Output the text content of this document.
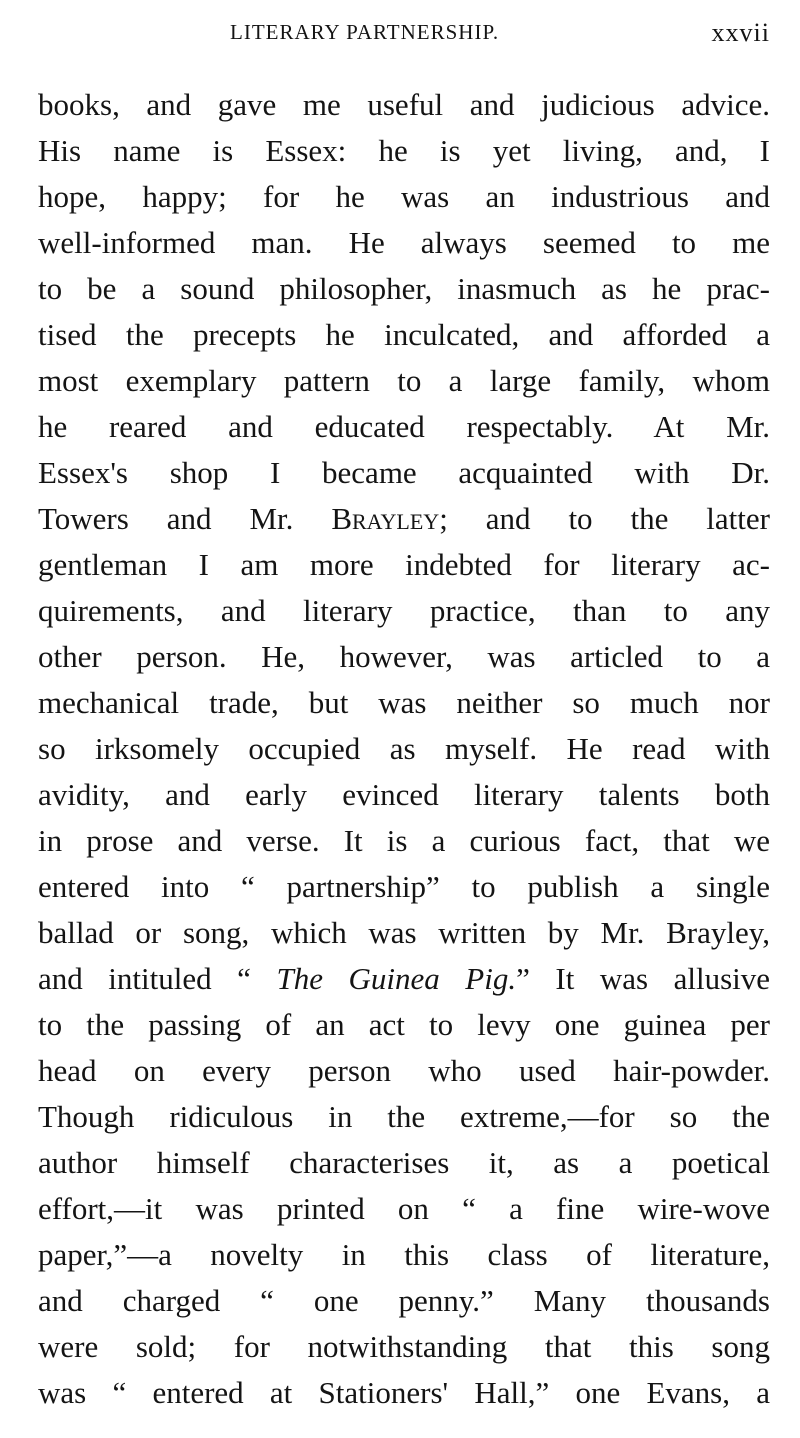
LITERARY PARTNERSHIP.	xxvii
books, and gave me useful and judicious advice.
His name is Essex: he is yet living, and, I
hope, happy; for he was an industrious and
well-informed man. He always seemed to me
to be a sound philosopher, inasmuch as he prac-
tised the precepts he inculcated, and afforded a
most exemplary pattern to a large family, whom
he reared and educated respectably. At Mr.
Essex's shop I became acquainted with Dr.
Towers and Mr. Brayley; and to the latter
gentleman I am more indebted for literary ac-
quirements, and literary practice, than to any
other person. He, however, was articled to a
mechanical trade, but was neither so much nor
so irksomely occupied as myself. He read with
avidity, and early evinced literary talents both
in prose and verse. It is a curious fact, that we
entered into “ partnership” to publish a single
ballad or song, which was written by Mr. Brayley,
and intituled “ The Guinea Pig.” It was allusive
to the passing of an act to levy one guinea per
head on every person who used hair-powder.
Though ridiculous in the extreme,—for so the
author himself characterises it, as a poetical
effort,—it was printed on “ a fine wire-wove
paper,”—a novelty in this class of literature,
and charged “ one penny.” Many thousands
were sold; for notwithstanding that this song
was “ entered at Stationers' Hall,” one Evans, a
